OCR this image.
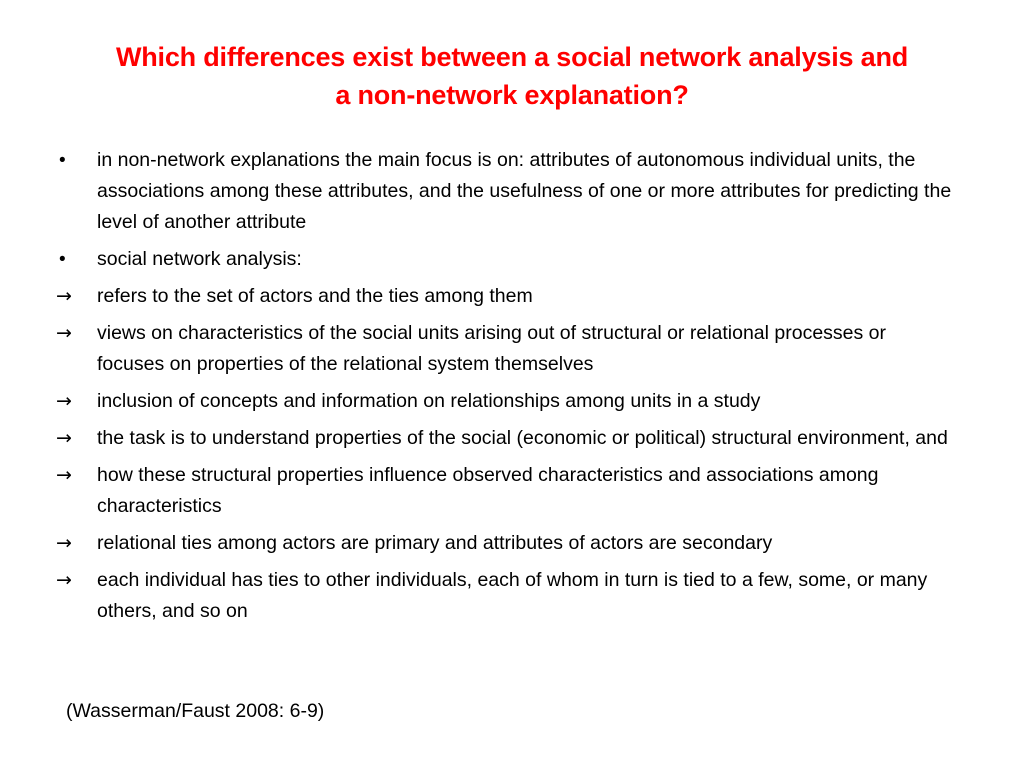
Which differences exist between a social network analysis and
a non-network explanation?
•	in non-network explanations the main focus is on: attributes of autonomous individual units, the associations among these attributes, and the usefulness of one or more attributes for predicting the level of another attribute
•	social network analysis:
→	refers to the set of actors and the ties among them
→	views on characteristics of the social units arising out of structural or relational processes or focuses on properties of the relational system themselves
→	inclusion of concepts and information on relationships among units in a study
→	the task is to understand properties of the social (economic or political) structural environment, and
→	how these structural properties influence observed characteristics and associations among characteristics
→	relational ties among actors are primary and attributes of actors are secondary
→	each individual has ties to other individuals, each of whom in turn is tied to a few, some, or many others, and so on
(Wasserman/Faust 2008: 6-9)
